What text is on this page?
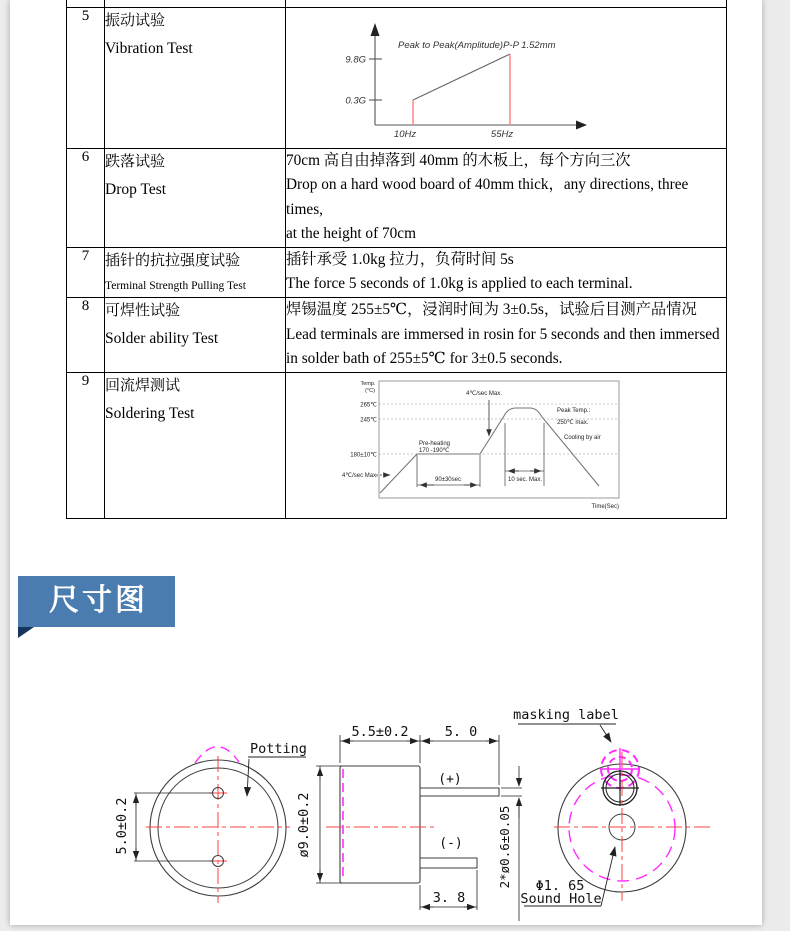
5	振动试验
Vibration Test	Peak to Peak(Amplitude)P-P 1.52mm
9.8G
0.3G
10Hz	55Hz

6	跌落试验
Drop Test

70cm 高自由掉落到 40mm 的木板上，每个方向三次
Drop on a hard wood board of 40mm thick，any directions, three times,
at the height of 70cm

7	插针的抗拉强度试验
Terminal Strength Pulling Test

插针承受 1.0kg 拉力，负荷时间 5s
The force 5 seconds of 1.0kg is applied to each terminal.

8	可焊性试验
Solder ability Test

焊锡温度 255±5℃，浸润时间为 3±0.5s，试验后目测产品情况
Lead terminals are immersed in rosin for 5 seconds and then immersed
in solder bath of 255±5℃ for 3±0.5 seconds.

9	回流焊测试
Soldering Test

Temp.
(°C)
265℃
245℃
180±10℃
4℃/sec Max.
4℃/sec Max.
Pre-heating
170 -190℃
Peak Temp.:
250℃ max.
Cooling by air
90±30sec	10 sec. Max.
Time(Sec)
尺寸图
Potting
5.0±0.2
(+)
(-)
ø9.0±0.2
5.5±0.2	5. 0
3. 8
2*ø0.6±0.05
masking label
Φ1. 65
Sound Hole
